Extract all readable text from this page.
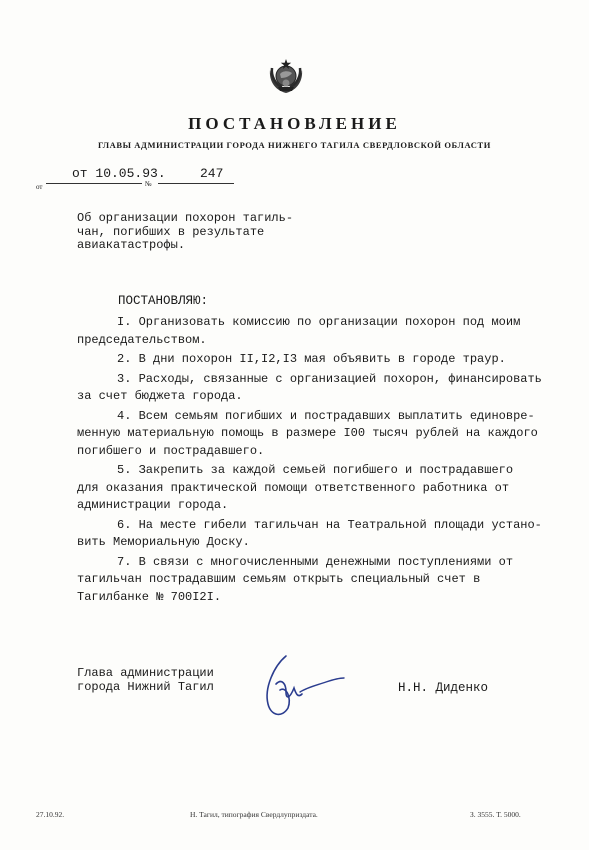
ПОСТАНОВЛЕНИЕ
ГЛАВЫ АДМИНИСТРАЦИИ ГОРОДА НИЖНЕГО ТАГИЛА СВЕРДЛОВСКОЙ ОБЛАСТИ
от
от 10.05.93.
№
247
Об организации похорон тагиль-
чан, погибших в результате
авиакатастрофы.
ПОСТАНОВЛЯЮ:
I. Организовать комиссию по организации похорон под моим
председательством.
2. В дни похорон II,I2,I3 мая объявить в городе траур.
3. Расходы, связанные с организацией похорон, финансировать
за счет бюджета города.
4. Всем семьям погибших и пострадавших выплатить единовре-
менную материальную помощь в размере I00 тысяч рублей на каждого
погибшего и пострадавшего.
5. Закрепить за каждой семьей погибшего и пострадавшего
для оказания практической помощи ответственного работника от
администрации города.
6. На месте гибели тагильчан на Театральной площади устано-
вить Мемориальную Доску.
7. В связи с многочисленными денежными поступлениями от
тагильчан пострадавшим семьям открыть специальный счет в
Тагилбанке № 700I2I.
Глава администрации
города Нижний Тагил	Н.Н. Диденко
27.10.92.	Н. Тагил, типография Свердлуприздата.	З. 3555. Т. 5000.
